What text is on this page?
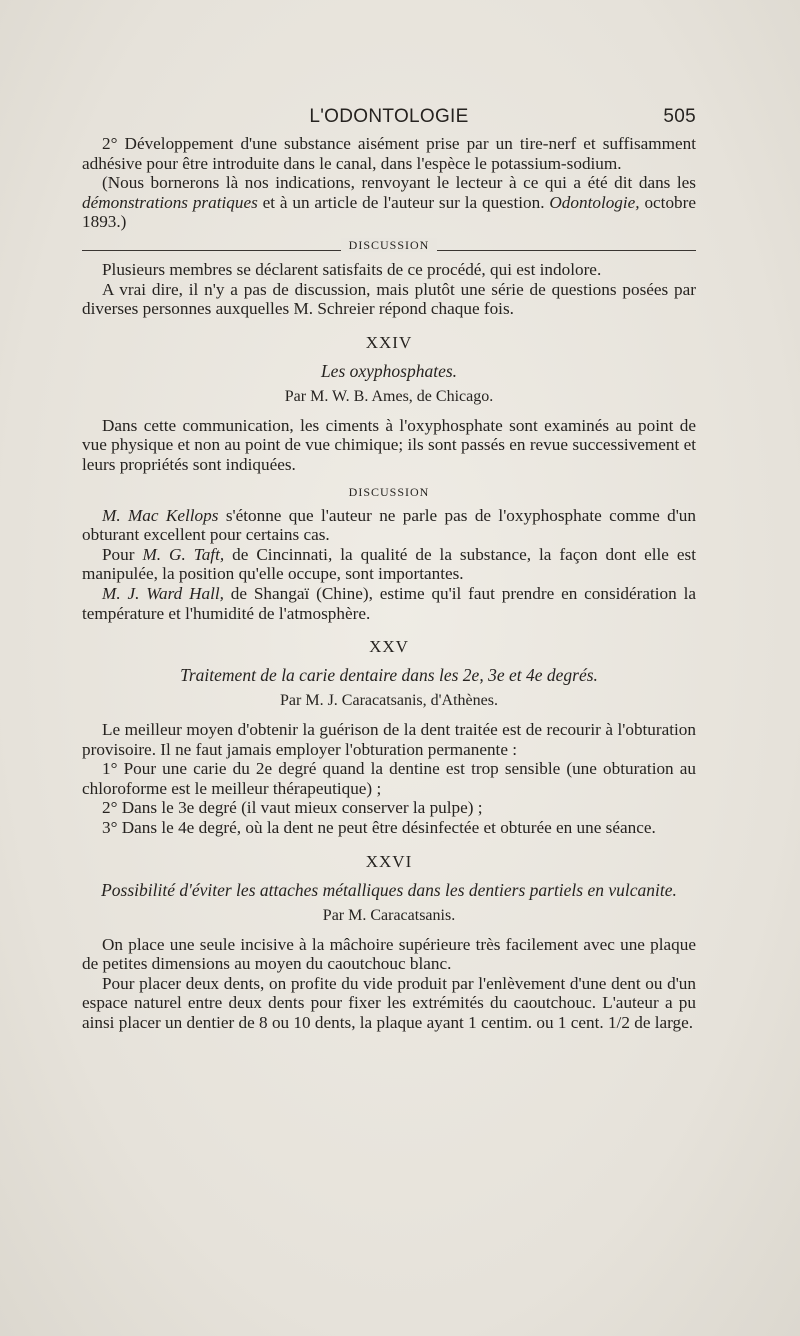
L'ODONTOLOGIE	505

2° Développement d'une substance aisément prise par un tire-nerf et suffisamment adhésive pour être introduite dans le canal, dans l'espèce le potassium-sodium.

(Nous bornerons là nos indications, renvoyant le lecteur à ce qui a été dit dans les démonstrations pratiques et à un article de l'auteur sur la question. Odontologie, octobre 1893.)

DISCUSSION

Plusieurs membres se déclarent satisfaits de ce procédé, qui est indolore.

A vrai dire, il n'y a pas de discussion, mais plutôt une série de questions posées par diverses personnes auxquelles M. Schreier répond chaque fois.

XXIV
Les oxyphosphates.
Par M. W. B. Ames, de Chicago.

Dans cette communication, les ciments à l'oxyphosphate sont examinés au point de vue physique et non au point de vue chimique; ils sont passés en revue successivement et leurs propriétés sont indiquées.

DISCUSSION

M. Mac Kellops s'étonne que l'auteur ne parle pas de l'oxyphosphate comme d'un obturant excellent pour certains cas.

Pour M. G. Taft, de Cincinnati, la qualité de la substance, la façon dont elle est manipulée, la position qu'elle occupe, sont importantes.

M. J. Ward Hall, de Shangaï (Chine), estime qu'il faut prendre en considération la température et l'humidité de l'atmosphère.

XXV
Traitement de la carie dentaire dans les 2e, 3e et 4e degrés.
Par M. J. Caracatsanis, d'Athènes.

Le meilleur moyen d'obtenir la guérison de la dent traitée est de recourir à l'obturation provisoire. Il ne faut jamais employer l'obturation permanente :

1° Pour une carie du 2e degré quand la dentine est trop sensible (une obturation au chloroforme est le meilleur thérapeutique) ;

2° Dans le 3e degré (il vaut mieux conserver la pulpe) ;

3° Dans le 4e degré, où la dent ne peut être désinfectée et obturée en une séance.

XXVI
Possibilité d'éviter les attaches métalliques dans les dentiers partiels en vulcanite.
Par M. Caracatsanis.

On place une seule incisive à la mâchoire supérieure très facilement avec une plaque de petites dimensions au moyen du caoutchouc blanc.

Pour placer deux dents, on profite du vide produit par l'enlèvement d'une dent ou d'un espace naturel entre deux dents pour fixer les extrémités du caoutchouc. L'auteur a pu ainsi placer un dentier de 8 ou 10 dents, la plaque ayant 1 centim. ou 1 cent. 1/2 de large.
